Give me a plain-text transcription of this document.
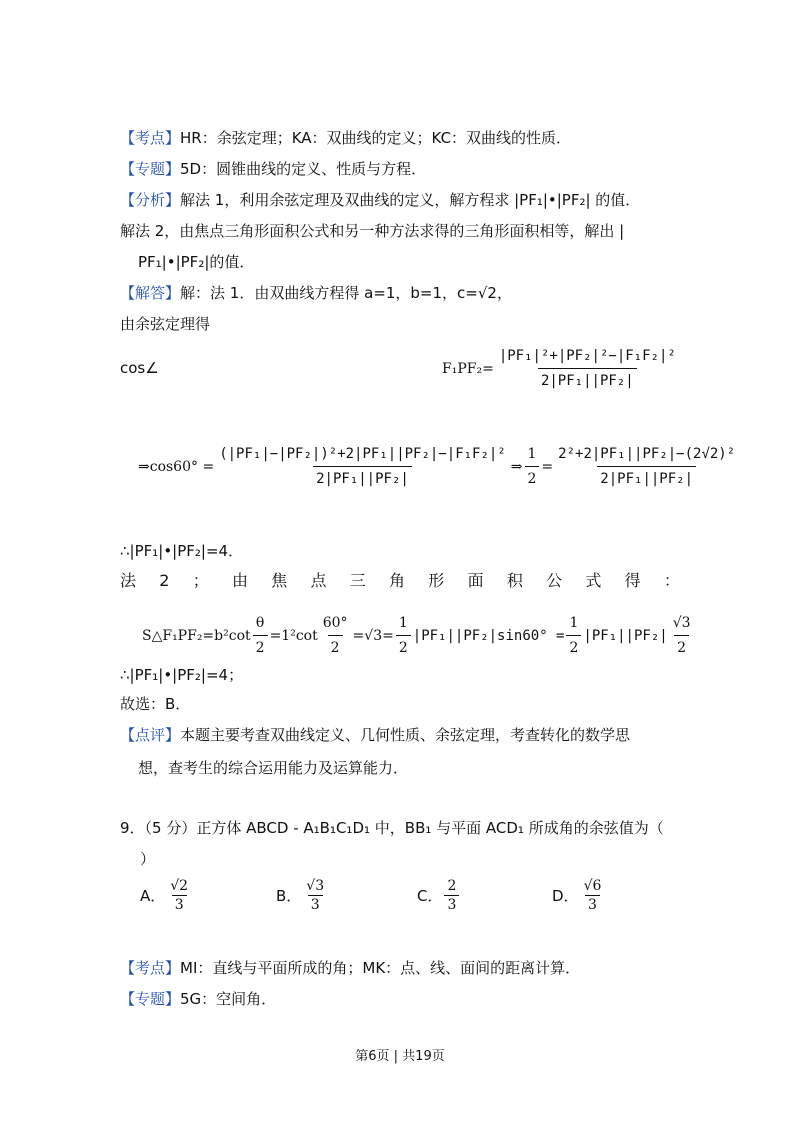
【考点】HR：余弦定理；KA：双曲线的定义；KC：双曲线的性质．
【专题】5D：圆锥曲线的定义、性质与方程．
【分析】解法 1，利用余弦定理及双曲线的定义，解方程求 |PF₁|•|PF₂| 的值．
解法 2，由焦点三角形面积公式和另一种方法求得的三角形面积相等，解出 |
PF₁|•|PF₂|的值．
【解答】解：法 1．由双曲线方程得 a=1，b=1，c=√2，
由余弦定理得
cos∠	$F_1PF_2= \frac{\text{|PF₁|²+|PF₂|²−|F₁F₂|²}}{\text{2|PF₁||PF₂|}}$
⇒cos60° = $\frac{\text{(|PF₁|−|PF₂|)²+2|PF₁||PF₂|−|F₁F₂|²}}{\text{2|PF₁||PF₂|}}$ ⇒ $\frac{1}{2} = \frac{\text{2²+2|PF₁||PF₂|−(2√2)²}}{\text{2|PF₁||PF₂|}}$
∴|PF₁|•|PF₂|=4．
法 2 ； 由 焦 点 三 角 形 面 积 公 式 得 ：
S△F₁PF₂=b²cot $\frac{\theta}{2} =1^2\cot \frac{60^\circ}{2} =√3= \frac{1}{2} |PF_1||PF_2|\sin 60^\circ = \frac{1}{2} |PF_1||PF_2| \frac{√3}{2}$
∴|PF₁|•|PF₂|=4；
故选：B．
【点评】本题主要考查双曲线定义、几何性质、余弦定理，考查转化的数学思
想，查考生的综合运用能力及运算能力．
9．（5 分）正方体 ABCD - A₁B₁C₁D₁ 中，BB₁ 与平面 ACD₁ 所成角的余弦值为（
）
A． $\frac{√2}{3}$	B． $\frac{√3}{3}$	C． $\frac{2}{3}$	D． $\frac{√6}{3}$
【考点】MI：直线与平面所成的角；MK：点、线、面间的距离计算．
【专题】5G：空间角．
第6页 | 共19页
